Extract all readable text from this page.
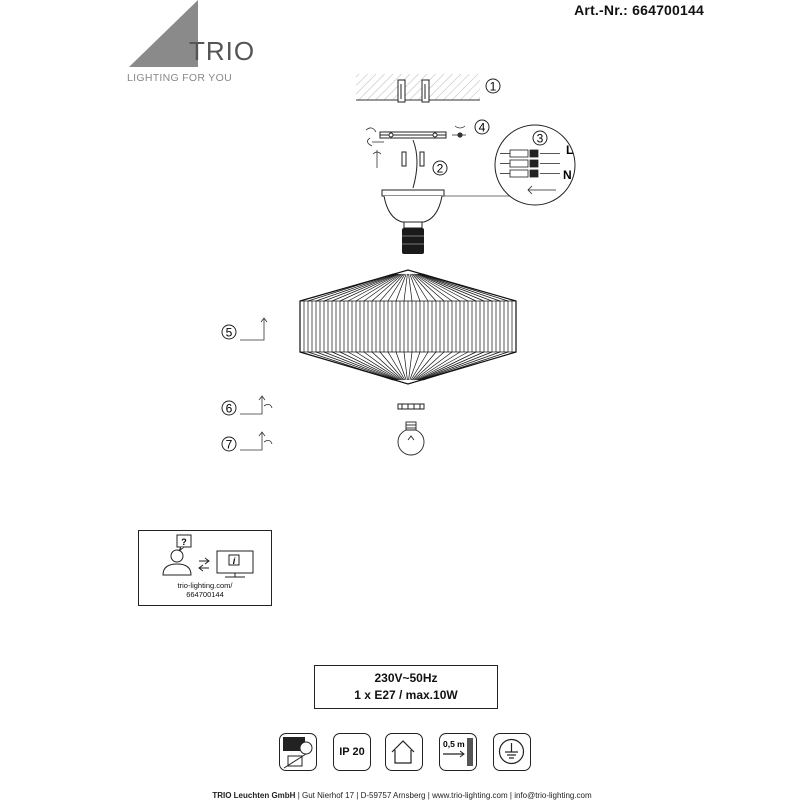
Art.-Nr.: 664700144
TRIO
LIGHTING FOR YOU
1
4
2
L
N
3
5
6
7
?
i
trio-lighting.com/
664700144
230V~50Hz
1 x E27 / max.10W
IP 20
0,5 m
TRIO Leuchten GmbH | Gut Nierhof 17 | D-59757 Arnsberg | www.trio-lighting.com | info@trio-lighting.com
